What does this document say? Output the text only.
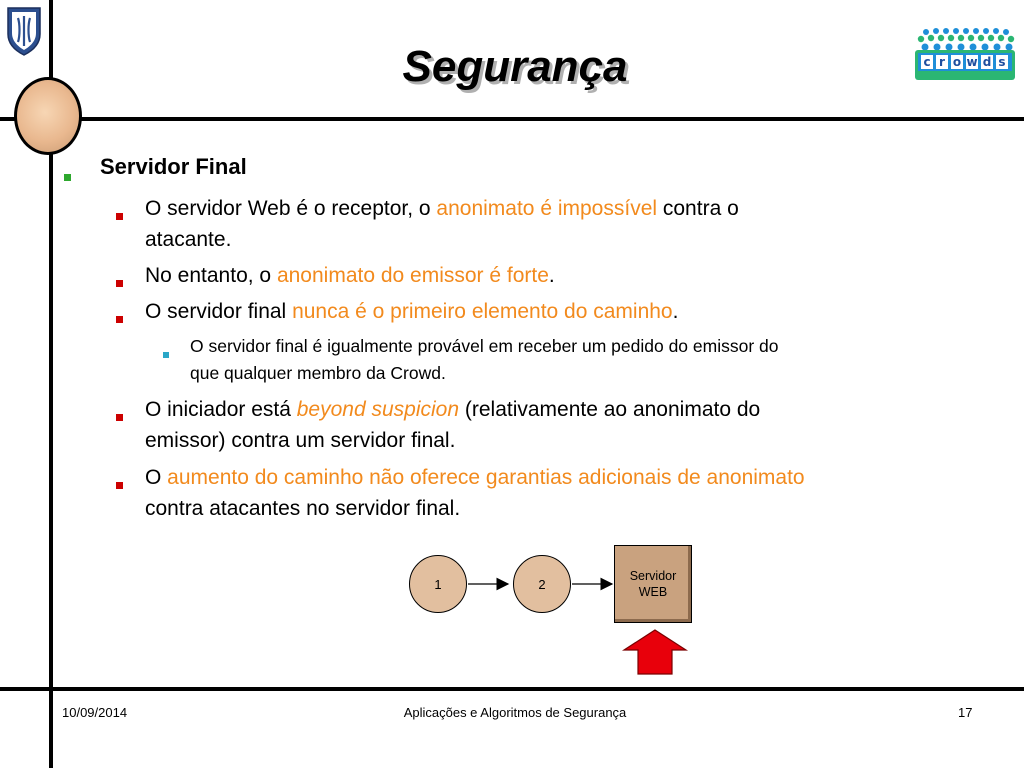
Segurança	c r o w d s
Servidor Final
O servidor Web é o receptor, o anonimato é impossível contra o
atacante.
No entanto, o anonimato do emissor é forte.
O servidor final nunca é o primeiro elemento do caminho.
O servidor final é igualmente provável em receber um pedido do emissor do
que qualquer membro da Crowd.
O iniciador está beyond suspicion (relativamente ao anonimato do
emissor) contra um servidor final.
O aumento do caminho não oferece garantias adicionais de anonimato
contra atacantes no servidor final.
1	2
Servidor
WEB
10/09/2014	Aplicações e Algoritmos de Segurança	17
